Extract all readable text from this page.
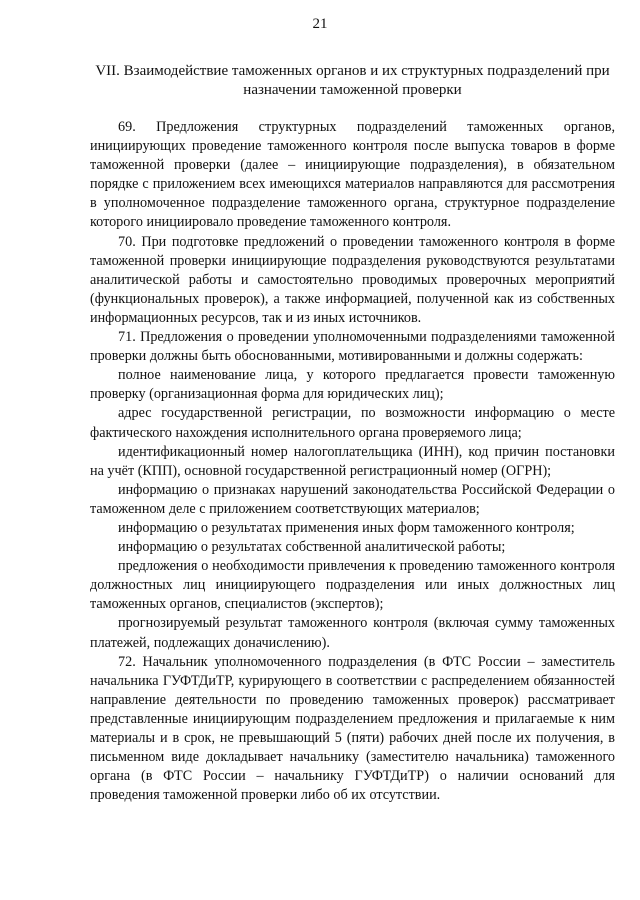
21
VII. Взаимодействие таможенных органов и их структурных подразделений при назначении таможенной проверки

69. Предложения структурных подразделений таможенных органов, инициирующих проведение таможенного контроля после выпуска товаров в форме таможенной проверки (далее – инициирующие подразделения), в обязательном порядке с приложением всех имеющихся материалов направляются для рассмотрения в уполномоченное подразделение таможенного органа, структурное подразделение которого инициировало проведение таможенного контроля.

70. При подготовке предложений о проведении таможенного контроля в форме таможенной проверки инициирующие подразделения руководствуются результатами аналитической работы и самостоятельно проводимых проверочных мероприятий (функциональных проверок), а также информацией, полученной как из собственных информационных ресурсов, так и из иных источников.

71. Предложения о проведении уполномоченными подразделениями таможенной проверки должны быть обоснованными, мотивированными и должны содержать:

полное наименование лица, у которого предлагается провести таможенную проверку (организационная форма для юридических лиц);

адрес государственной регистрации, по возможности информацию о месте фактического нахождения исполнительного органа проверяемого лица;

идентификационный номер налогоплательщика (ИНН), код причин постановки на учёт (КПП), основной государственной регистрационный номер (ОГРН);

информацию о признаках нарушений законодательства Российской Федерации о таможенном деле с приложением соответствующих материалов;

информацию о результатах применения иных форм таможенного контроля;

информацию о результатах собственной аналитической работы;

предложения о необходимости привлечения к проведению таможенного контроля должностных лиц инициирующего подразделения или иных должностных лиц таможенных органов, специалистов (экспертов);

прогнозируемый результат таможенного контроля (включая сумму таможенных платежей, подлежащих доначислению).

72. Начальник уполномоченного подразделения (в ФТС России – заместитель начальника ГУФТДиТР, курирующего в соответствии с распределением обязанностей направление деятельности по проведению таможенных проверок) рассматривает представленные инициирующим подразделением предложения и прилагаемые к ним материалы и в срок, не превышающий 5 (пяти) рабочих дней после их получения, в письменном виде докладывает начальнику (заместителю начальника) таможенного органа (в ФТС России – начальнику ГУФТДиТР) о наличии оснований для проведения таможенной проверки либо об их отсутствии.
